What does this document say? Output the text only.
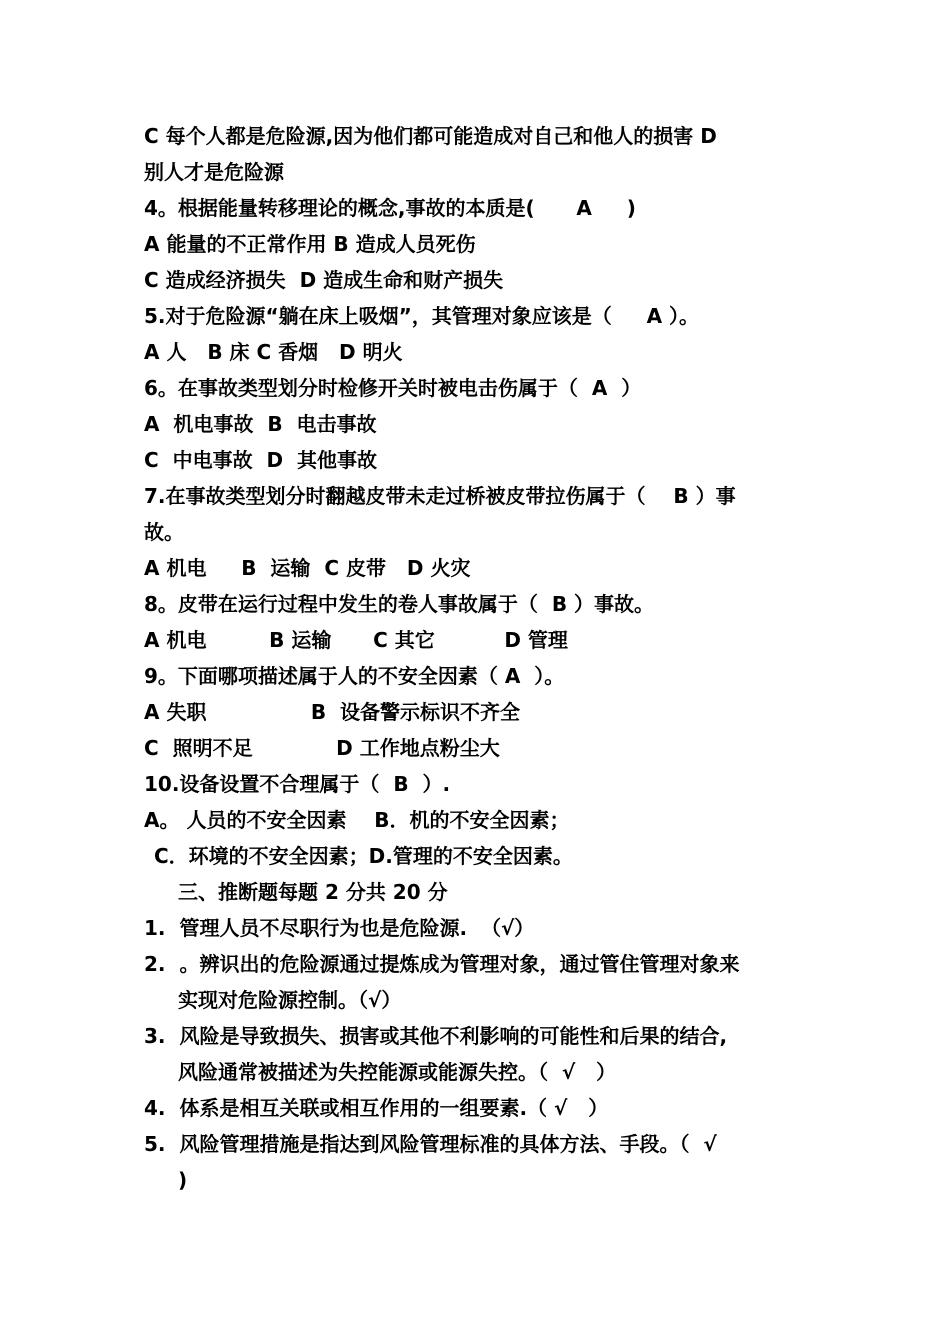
C 每个人都是危险源,因为他们都可能造成对自己和他人的损害 D
别人才是危险源
4。根据能量转移理论的概念,事故的本质是(      A     )
A 能量的不正常作用 B 造成人员死伤
C 造成经济损失  D 造成生命和财产损失
5.对于危险源“躺在床上吸烟”，其管理对象应该是（     A ）。
A 人   B 床 C 香烟   D 明火
6。在事故类型划分时检修开关时被电击伤属于（  A  ）
A  机电事故  B  电击事故
C  中电事故  D  其他事故
7.在事故类型划分时翻越皮带未走过桥被皮带拉伤属于（    B ）事
故。
A 机电     B  运输  C 皮带   D 火灾
8。皮带在运行过程中发生的卷人事故属于（  B ）事故。
A 机电         B 运输      C 其它          D 管理
9。下面哪项描述属于人的不安全因素（ A  ）。
A 失职               B  设备警示标识不齐全
C  照明不足            D 工作地点粉尘大
10.设备设置不合理属于（  B  ）.
A。 人员的不安全因素    B．机的不安全因素；
C．环境的不安全因素；D.管理的不安全因素。
三、推断题每题 2 分共 20 分
1.  管理人员不尽职行为也是危险源.  （√）
2.  。辨识出的危险源通过提炼成为管理对象，通过管住管理对象来
实现对危险源控制。（√）
3.  风险是导致损失、损害或其他不利影响的可能性和后果的结合,
风险通常被描述为失控能源或能源失控。（  √   ）
4.  体系是相互关联或相互作用的一组要素.（ √   ）
5.  风险管理措施是指达到风险管理标准的具体方法、手段。（  √
)
